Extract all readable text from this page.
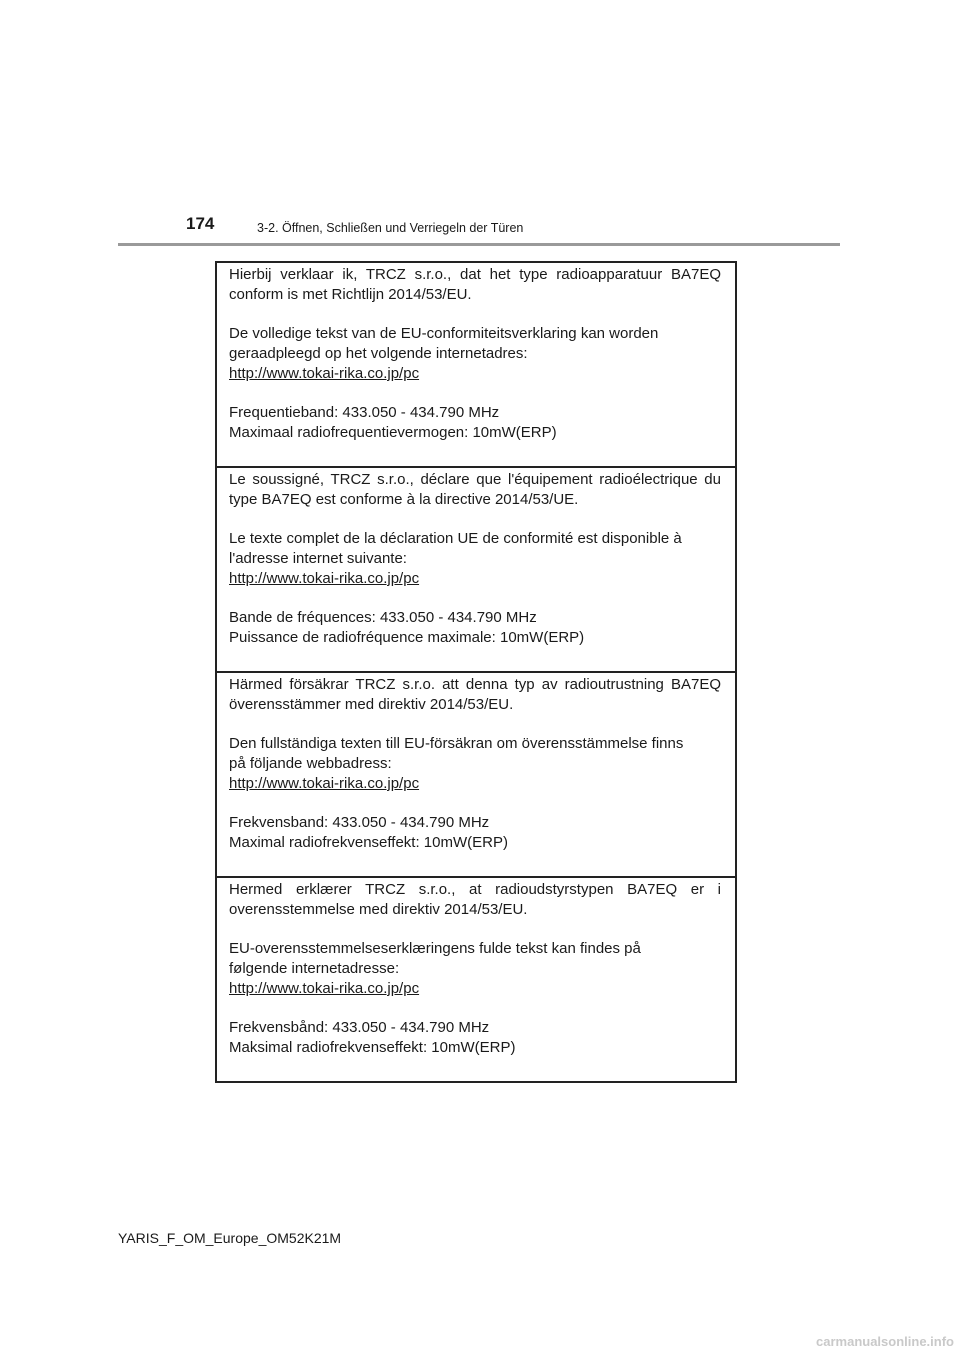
174	3-2. Öffnen, Schließen und Verriegeln der Türen

Hierbij verklaar ik, TRCZ s.r.o., dat het type radioapparatuur BA7EQ conform is met Richtlijn 2014/53/EU.

De volledige tekst van de EU-conformiteitsverklaring kan worden

geraadpleegd op het volgende internetadres:

http://www.tokai-rika.co.jp/pc

Frequentieband: 433.050 - 434.790 MHz

Maximaal radiofrequentievermogen: 10mW(ERP)

Le soussigné, TRCZ s.r.o., déclare que l'équipement radioélectrique du type BA7EQ est conforme à la directive 2014/53/UE.

Le texte complet de la déclaration UE de conformité est disponible à

l'adresse internet suivante:

http://www.tokai-rika.co.jp/pc

Bande de fréquences: 433.050 - 434.790 MHz

Puissance de radiofréquence maximale: 10mW(ERP)

Härmed försäkrar TRCZ s.r.o. att denna typ av radioutrustning BA7EQ överensstämmer med direktiv 2014/53/EU.

Den fullständiga texten till EU-försäkran om överensstämmelse finns

på följande webbadress:

http://www.tokai-rika.co.jp/pc

Frekvensband: 433.050 - 434.790 MHz

Maximal radiofrekvenseffekt: 10mW(ERP)

Hermed erklærer TRCZ s.r.o., at radioudstyrstypen BA7EQ er i overensstemmelse med direktiv 2014/53/EU.

EU-overensstemmelseserklæringens fulde tekst kan findes på

følgende internetadresse:

http://www.tokai-rika.co.jp/pc

Frekvensbånd: 433.050 - 434.790 MHz

Maksimal radiofrekvenseffekt: 10mW(ERP)

YARIS_F_OM_Europe_OM52K21M
carmanualsonline.info
